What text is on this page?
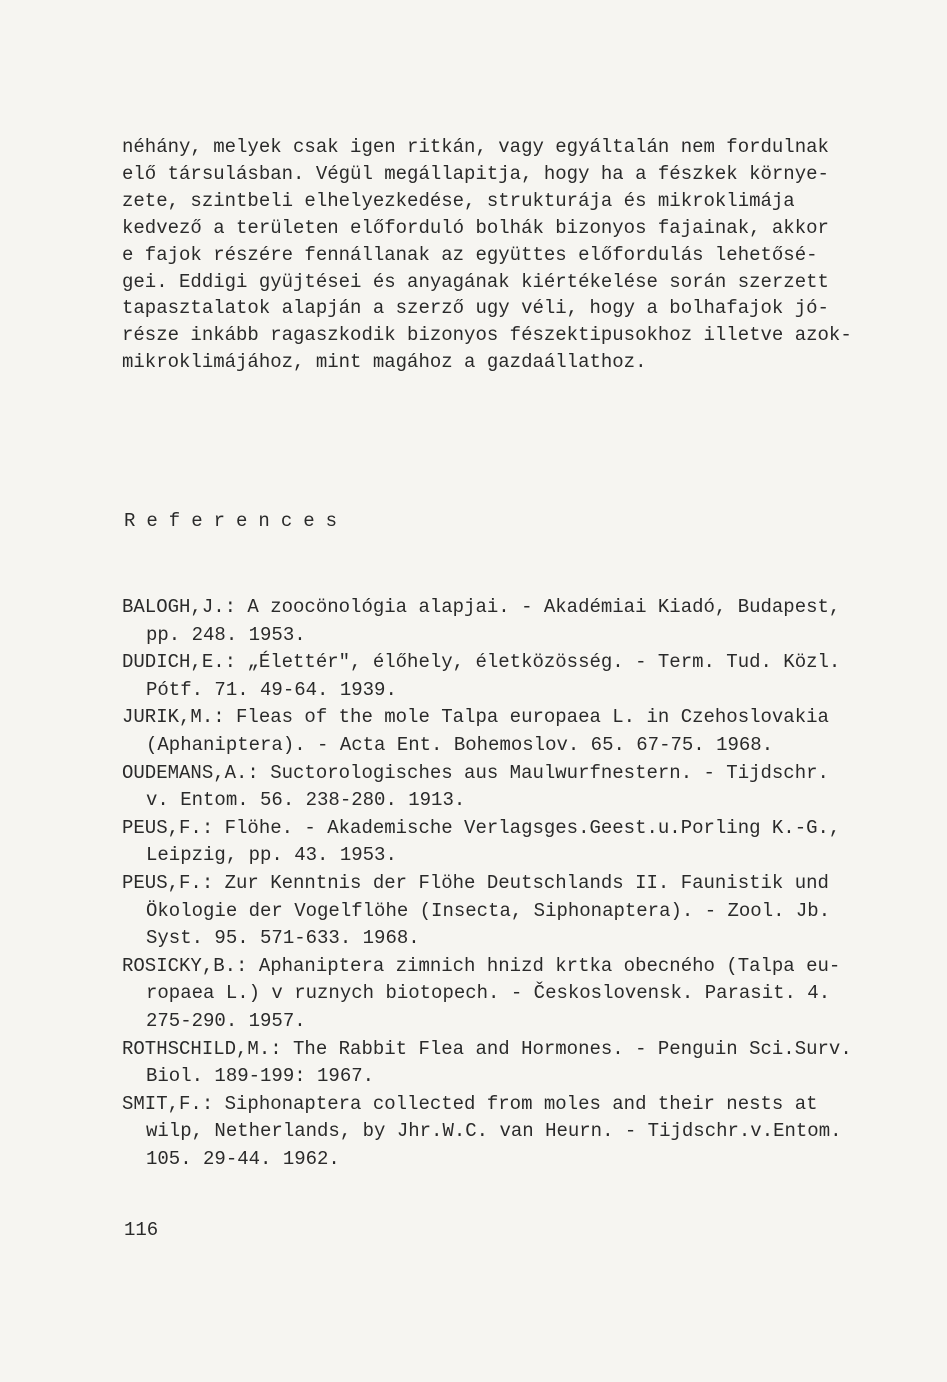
néhány, melyek csak igen ritkán, vagy egyáltalán nem fordulnak
elő társulásban. Végül megállapitja, hogy ha a fészkek környe-
zete, szintbeli elhelyezkedése, strukturája és mikroklimája
kedvező a területen előforduló bolhák bizonyos fajainak, akkor
e fajok részére fennállanak az együttes előfordulás lehetősé-
gei. Eddigi gyüjtései és anyagának kiértékelése során szerzett
tapasztalatok alapján a szerző ugy véli, hogy a bolhafajok jó-
része inkább ragaszkodik bizonyos fészektipusokhoz illetve azok-
mikroklimájához, mint magához a gazdaállathoz.
References
BALOGH,J.: A zoocönológia alapjai. - Akadémiai Kiadó, Budapest,
pp. 248. 1953.
DUDICH,E.: „Élettér", élőhely, életközösség. - Term. Tud. Közl.
Pótf. 71. 49-64. 1939.
JURIK,M.: Fleas of the mole Talpa europaea L. in Czehoslovakia
(Aphaniptera). - Acta Ent. Bohemoslov. 65. 67-75. 1968.
OUDEMANS,A.: Suctorologisches aus Maulwurfnestern. - Tijdschr.
v. Entom. 56. 238-280. 1913.
PEUS,F.: Flöhe. - Akademische Verlagsges.Geest.u.Porling K.-G.,
Leipzig, pp. 43. 1953.
PEUS,F.: Zur Kenntnis der Flöhe Deutschlands II. Faunistik und
Ökologie der Vogelflöhe (Insecta, Siphonaptera). - Zool. Jb.
Syst. 95. 571-633. 1968.
ROSICKY,B.: Aphaniptera zimnich hnizd krtka obecného (Talpa eu-
ropaea L.) v ruznych biotopech. - Československ. Parasit. 4.
275-290. 1957.
ROTHSCHILD,M.: The Rabbit Flea and Hormones. - Penguin Sci.Surv.
Biol. 189-199: 1967.
SMIT,F.: Siphonaptera collected from moles and their nests at
wilp, Netherlands, by Jhr.W.C. van Heurn. - Tijdschr.v.Entom.
105. 29-44. 1962.
116
